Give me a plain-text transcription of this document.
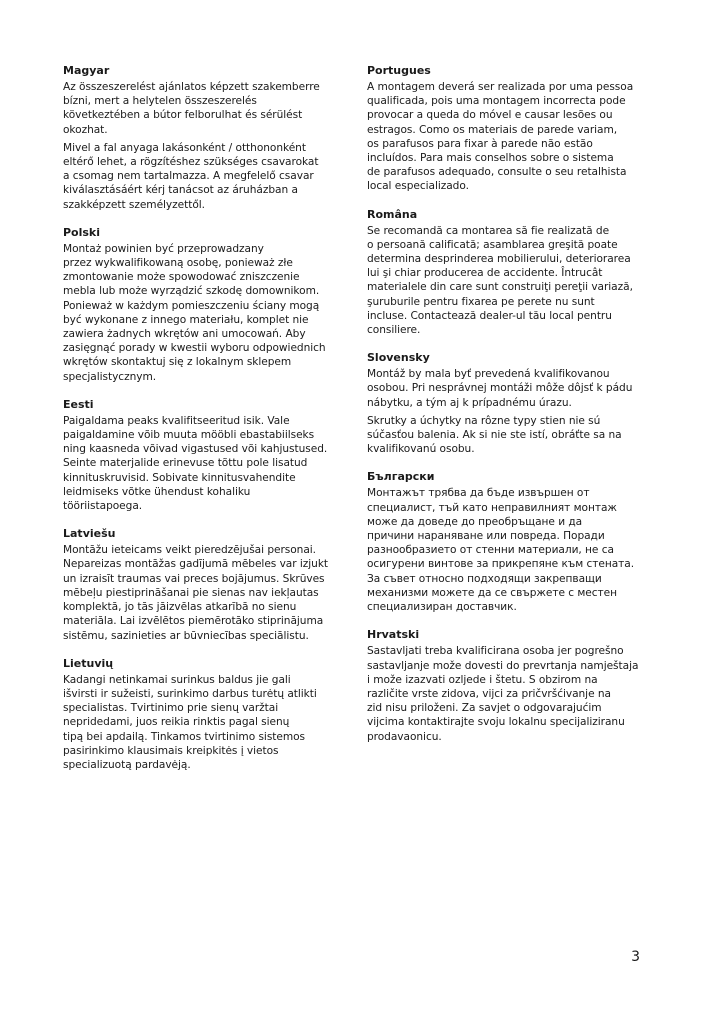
Magyar

Az összeszerelést ajánlatos képzett szakemberre
bízni, mert a helytelen összeszerelés
következtében a bútor felborulhat és sérülést
okozhat.

Mivel a fal anyaga lakásonként / otthononként
eltérő lehet, a rögzítéshez szükséges csavarokat
a csomag nem tartalmazza. A megfelelő csavar
kiválasztásáért kérj tanácsot az áruházban a
szakképzett személyzettől.

Polski

Montaż powinien być przeprowadzany
przez wykwalifikowaną osobę, ponieważ złe
zmontowanie może spowodować zniszczenie
mebla lub może wyrządzić szkodę domownikom.
Ponieważ w każdym pomieszczeniu ściany mogą
być wykonane z innego materiału, komplet nie
zawiera żadnych wkrętów ani umocowań. Aby
zasięgnąć porady w kwestii wyboru odpowiednich
wkrętów skontaktuj się z lokalnym sklepem
specjalistycznym.

Eesti

Paigaldama peaks kvalifitseeritud isik. Vale
paigaldamine võib muuta mööbli ebastabiilseks
ning kaasneda võivad vigastused või kahjustused.
Seinte materjalide erinevuse tõttu pole lisatud
kinnituskruvisid. Sobivate kinnitusvahendite
leidmiseks võtke ühendust kohaliku
tööriistapoega.

Latviešu

Montāžu ieteicams veikt pieredzējušai personai.
Nepareizas montāžas gadījumā mēbeles var izjukt
un izraisīt traumas vai preces bojājumus. Skrūves
mēbeļu piestiprināšanai pie sienas nav iekļautas
komplektā, jo tās jāizvēlas atkarībā no sienu
materiāla. Lai izvēlētos piemērotāko stiprinājuma
sistēmu, sazinieties ar būvniecības speciālistu.

Lietuvių

Kadangi netinkamai surinkus baldus jie gali
išvirsti ir sužeisti, surinkimo darbus turėtų atlikti
specialistas. Tvirtinimo prie sienų varžtai
nepridedami, juos reikia rinktis pagal sienų
tipą bei apdailą. Tinkamos tvirtinimo sistemos
pasirinkimo klausimais kreipkitės į vietos
specializuotą pardavėją.

Portugues

A montagem deverá ser realizada por uma pessoa
qualificada, pois uma montagem incorrecta pode
provocar a queda do móvel e causar lesões ou
estragos. Como os materiais de parede variam,
os parafusos para fixar à parede não estão
incluídos. Para mais conselhos sobre o sistema
de parafusos adequado, consulte o seu retalhista
local especializado.

Româna

Se recomandă ca montarea să fie realizată de
o persoană calificată; asamblarea greşită poate
determina desprinderea mobilierului, deteriorarea
lui şi chiar producerea de accidente. Întrucât
materialele din care sunt construiţi pereţii variază,
şuruburile pentru fixarea pe perete nu sunt
incluse. Contactează dealer-ul tău local pentru
consiliere.

Slovensky

Montáž by mala byť prevedená kvalifikovanou
osobou. Pri nesprávnej montáži môže dôjsť k pádu
nábytku, a tým aj k prípadnému úrazu.

Skrutky a úchytky na rôzne typy stien nie sú
súčasťou balenia. Ak si nie ste istí, obráťte sa na
kvalifikovanú osobu.

Български

Монтажът трябва да бъде извършен от
специалист, тъй като неправилният монтаж
може да доведе до преобръщане и да
причини нараняване или повреда. Поради
разнообразието от стенни материали, не са
осигурени винтове за прикрепяне към стената.
За съвет относно подходящи закрепващи
механизми можете да се свържете с местен
специализиран доставчик.

Hrvatski

Sastavljati treba kvalificirana osoba jer pogrešno
sastavljanje može dovesti do prevrtanja namještaja
i može izazvati ozljede i štetu. S obzirom na
različite vrste zidova, vijci za pričvršćivanje na
zid nisu priloženi. Za savjet o odgovarajućim
vijcima kontaktirajte svoju lokalnu specijaliziranu
prodavaonicu.

3
